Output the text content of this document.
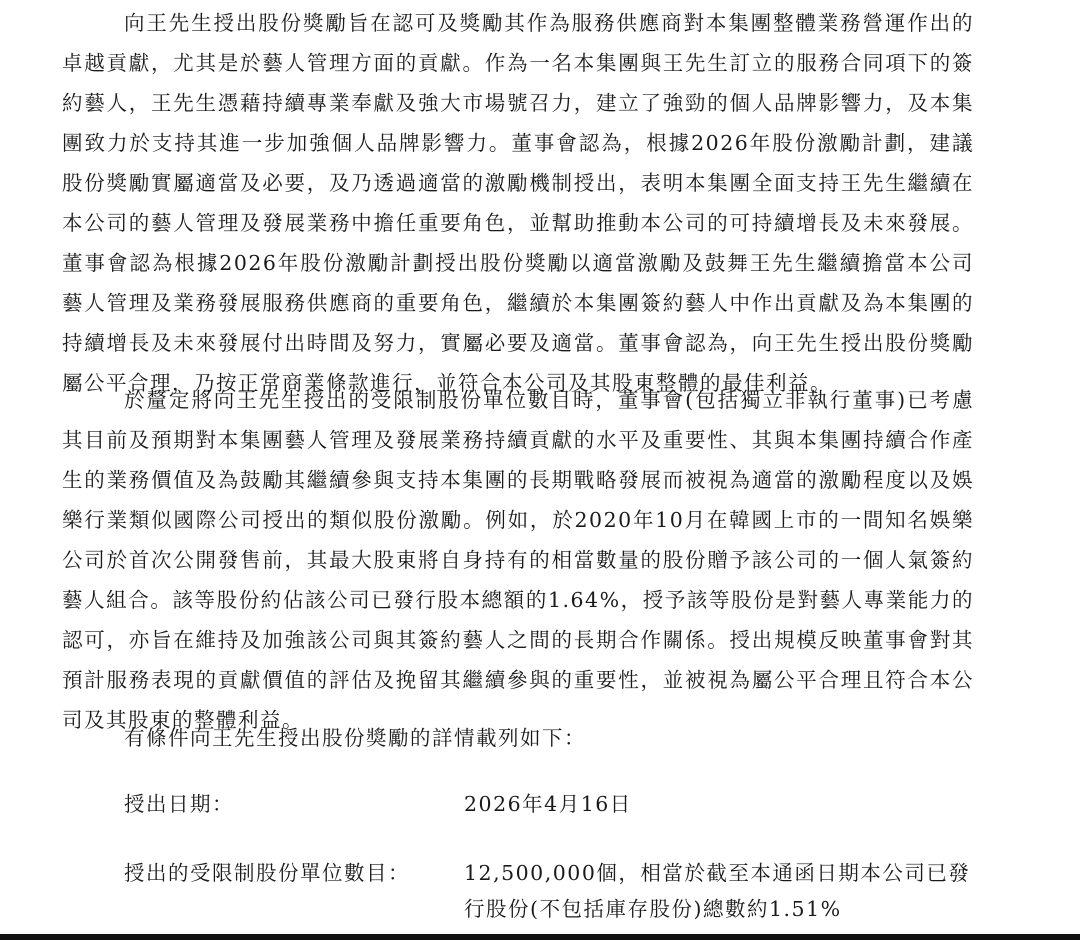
向王先生授出股份獎勵旨在認可及獎勵其作為服務供應商對本集團整體業務營運作出的卓越貢獻，尤其是於藝人管理方面的貢獻。作為一名本集團與王先生訂立的服務合同項下的簽約藝人，王先生憑藉持續專業奉獻及強大市場號召力，建立了強勁的個人品牌影響力，及本集團致力於支持其進一步加強個人品牌影響力。董事會認為，根據2026年股份激勵計劃，建議股份獎勵實屬適當及必要，及乃透過適當的激勵機制授出，表明本集團全面支持王先生繼續在本公司的藝人管理及發展業務中擔任重要角色，並幫助推動本公司的可持續增長及未來發展。董事會認為根據2026年股份激勵計劃授出股份獎勵以適當激勵及鼓舞王先生繼續擔當本公司藝人管理及業務發展服務供應商的重要角色，繼續於本集團簽約藝人中作出貢獻及為本集團的持續增長及未來發展付出時間及努力，實屬必要及適當。董事會認為，向王先生授出股份獎勵屬公平合理，乃按正常商業條款進行，並符合本公司及其股東整體的最佳利益。

於釐定將向王先生授出的受限制股份單位數目時，董事會(包括獨立非執行董事)已考慮其目前及預期對本集團藝人管理及發展業務持續貢獻的水平及重要性、其與本集團持續合作產生的業務價值及為鼓勵其繼續參與支持本集團的長期戰略發展而被視為適當的激勵程度以及娛樂行業類似國際公司授出的類似股份激勵。例如，於2020年10月在韓國上市的一間知名娛樂公司於首次公開發售前，其最大股東將自身持有的相當數量的股份贈予該公司的一個人氣簽約藝人組合。該等股份約佔該公司已發行股本總額的1.64%，授予該等股份是對藝人專業能力的認可，亦旨在維持及加強該公司與其簽約藝人之間的長期合作關係。授出規模反映董事會對其預計服務表現的貢獻價值的評估及挽留其繼續參與的重要性，並被視為屬公平合理且符合本公司及其股東的整體利益。

有條件向王先生授出股份獎勵的詳情載列如下：

授出日期：	2026年4月16日
授出的受限制股份單位數目：	12,500,000個，相當於截至本通函日期本公司已發行股份(不包括庫存股份)總數約1.51%
